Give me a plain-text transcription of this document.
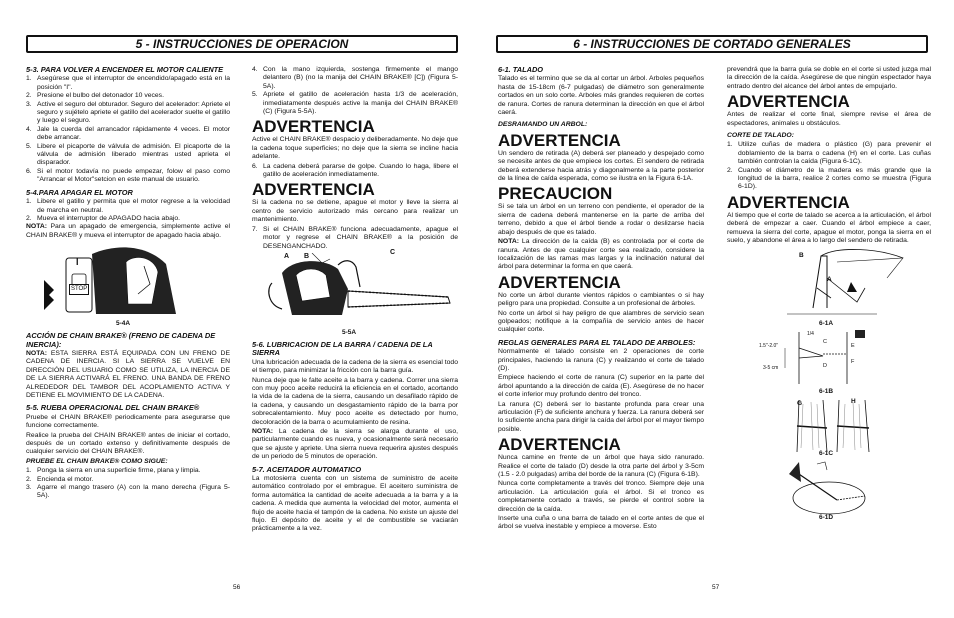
5 - INSTRUCCIONES DE OPERACION	6 - INSTRUCCIONES DE CORTADO GENERALES
5-3. PARA VOLVER A ENCENDER EL MOTOR CALIENTE
1. Asegúrese que el interruptor de encendido/apagado está en la posición "I".
2. Presione el bulbo del detonador 10 veces.
3. Active el seguro del obturador. Seguro del acelerador: Apriete el seguro y sujételo apriete el gatillo del acelerador suelte el gatillo y luego el seguro.
4. Jale la cuerda del arrancador rápidamente 4 veces. El motor debe arrancar.
5. Libere el picaporte de válvula de admisión. El picaporte de la válvula de admisión liberado mientras usted aprieta el disparador.
6. Si el motor todavía no puede empezar, folow el paso como "Arrancar el Motor"setcion en este manual de usuario.
5-4.PARA APAGAR EL MOTOR
1. Libere el gatillo y permita que el motor regrese a la velocidad de marcha en neutral.
2. Mueva el interruptor de APAGADO hacia abajo.
NOTA: Para un apagado de emergencia, simplemente active el CHAIN BRAKE® y mueva el interruptor de apagado hacia abajo.
I
STOP
5-4A
ACCIÓN DE CHAIN BRAKE® (FRENO DE CADENA DE INERCIA):
NOTA: ESTA SIERRA ESTÁ EQUIPADA CON UN FRENO DE CADENA DE INERCIA. SI LA SIERRA SE VUELVE EN DIRECCIÓN DEL USUARIO COMO SE UTILIZA, LA INERCIA DE DE LA SIERRA ACTIVARÁ EL FRENO. UNA BANDA DE FRENO ALREDEDOR DEL TAMBOR DEL ACOPLAMIENTO ACTIVA Y DETIENE EL MOVIMIENTO DE LA CADENA.
5-5. RUEBA OPERACIONAL DEL CHAIN BRAKE®
Pruebe el CHAIN BRAKE® periodicamente para asegurarse que funcione correctamente.
Realice la prueba del CHAIN BRAKE® antes de iniciar el cortado, después de un cortado extenso y definitivamente después de cualquier servicio del CHAIN BRAKE®.
PRUEBE EL CHAIN BRAKE® COMO SIGUE:
1. Ponga la sierra en una superficie firme, plana y limpia.
2. Encienda el motor.
3. Agarre el mango trasero (A) con la mano derecha (Figura 5-5A).
4. Con la mano izquierda, sostenga firmemente el mango delantero (B) (no la manija del CHAIN BRAKE® [C]) (Figura 5-5A).
5. Apriete el gatillo de aceleración hasta 1/3 de aceleración, inmediatamente después active la manija del CHAIN BRAKE® (C) (Figura 5-5A).
ADVERTENCIA
Active el CHAIN BRAKE® despacio y deliberadamente. No deje que la cadena toque superficies; no deje que la sierra se incline hacia adelante.
6. La cadena deberá pararse de golpe. Cuando lo haga, libere el gatillo de aceleración inmediatamente.
ADVERTENCIA
Si la cadena no se detiene, apague el motor y lleve la sierra al centro de servicio autorizado más cercano para realizar un mantenimiento.
7. Si el CHAIN BRAKE® funciona adecuadamente, apague el motor y regrese el CHAIN BRAKE® a la posición de DESENGANCHADO.
A B
C
5-5A
5-6. LUBRICACION DE LA BARRA / CADENA DE LA SIERRA
Una lubricación adecuada de la cadena de la sierra es esencial todo el tiempo, para minimizar la fricción con la barra guía.
Nunca deje que le falte aceite a la barra y cadena. Correr una sierra con muy poco aceite reducirá la eficiencia en el cortado, acortando la vida de la cadena de la sierra, causando un desafilado rápido de la cadena, y causando un desgastamiento rápido de la barra por sobrecalentamiento. Muy poco aceite es detectado por humo, decoloración de la barra o acumulamiento de resina.
NOTA: La cadena de la sierra se alarga durante el uso, particularmente cuando es nueva, y ocasionalmente será necesario que se ajuste y apriete. Una sierra nueva requerira ajustes después de un periodo de 5 minutos de operación.
5-7. ACEITADOR AUTOMATICO
La motosierra cuenta con un sistema de suministro de aceite automático controlado por el embrague. El aceitero suministra de forma automática la cantidad de aceite adecuada a la barra y a la cadena. A medida que aumenta la velocidad del motor, aumenta el flujo de aceite hacia el tampón de la cadena. No existe un ajuste del flujo. El depósito de aceite y el de combustible se vaciarán prácticamente a la vez.
56
6-1. TALADO
Talado es el termino que se da al cortar un árbol. Arboles pequeños hasta de 15-18cm (6-7 pulgadas) de diámetro son generalmente cortados en un solo corte. Arboles más grandes requieren de cortes de ranura. Cortes de ranura determinan la dirección en que el árbol caerá.
DESRAMANDO UN ARBOL:
ADVERTENCIA
Un sendero de retirada (A) deberá ser planeado y despejado como se necesite antes de que empiece los cortes. El sendero de retirada deberá extenderse hacia atrás y diagonalmente a la parte posterior de la línea de caída esperada, como se ilustra en la Figura 6-1A.
PRECAUCION
Si se tala un árbol en un terreno con pendiente, el operador de la sierra de cadena deberá mantenerse en la parte de arriba del terreno, debido a que el árbol tiende a rodar o deslizarse hacia abajo después de que es talado.
NOTA: La dirección de la caída (B) es controlada por el corte de ranura. Antes de que cualquier corte sea realizado, considere la localización de las ramas mas largas y la inclinación natural del árbol para determinar la forma en que caerá.
ADVERTENCIA
No corte un árbol durante vientos rápidos o cambiantes o si hay peligro para una propiedad. Consulte a un profesional de árboles.
No corte un árbol si hay peligro de que alambres de servicio sean golpeados; notifique a la compañía de servicio antes de hacer cualquier corte.
REGLAS GENERALES PARA EL TALADO DE ARBOLES:
Normalmente el talado consiste en 2 operaciones de corte principales, haciendo la ranura (C) y realizando el corte de talado (D).
Empiece haciendo el corte de ranura (C) superior en la parte del árbol apuntando a la dirección de caída (E). Asegúrese de no hacer el corte inferior muy profundo dentro del tronco.
La ranura (C) deberá ser lo bastante profunda para crear una articulación (F) de suficiente anchura y fuerza. La ranura deberá ser lo suficiente ancha para dirigir la caída del árbol por el mayor tiempo posible.
ADVERTENCIA
Nunca camine en frente de un árbol que haya sido ranurado. Realice el corte de talado (D) desde la otra parte del árbol y 3-5cm (1.5 - 2.0 pulgadas) arriba del borde de la ranura (C) (Figura 6-1B).
Nunca corte completamente a través del tronco. Siempre deje una articulación. La articulación guía el árbol. Si el tronco es completamente cortado a través, se pierde el control sobre la dirección de la caída.
Inserte una cuña o una barra de talado en el corte antes de que el árbol se vuelva inestable y empiece a moverse. Esto
prevendrá que la barra guía se doble en el corte si usted juzga mal la dirección de la caída. Asegúrese de que ningún espectador haya entrado dentro del alcance del árbol antes de empujarlo.
ADVERTENCIA
Antes de realizar el corte final, siempre revise el área de espectadores, animales u obstáculos.
CORTE DE TALADO:
1. Utilize cuñas de madera o plástico (G) para prevenir el doblamiento de la barra o cadena (H) en el corte. Las cuñas también controlan la caída (Figura 6-1C).
2. Cuando el diámetro de la madera es más grande que la longitud de la barra, realice 2 cortes como se muestra (Figura 6-1D).
ADVERTENCIA
Al tiempo que el corte de talado se acerca a la articulación, el árbol deberá de empezar a caer. Cuando el árbol empiece a caer, remueva la sierra del corte, apague el motor, ponga la sierra en el suelo, y abandone el área a lo largo del sendero de retirada.
B
A
6-1A
1.5"-2.0"
3-5 cm
1/4
C
D
E
F
6-1B
G	H
6-1C
6-1D
57
